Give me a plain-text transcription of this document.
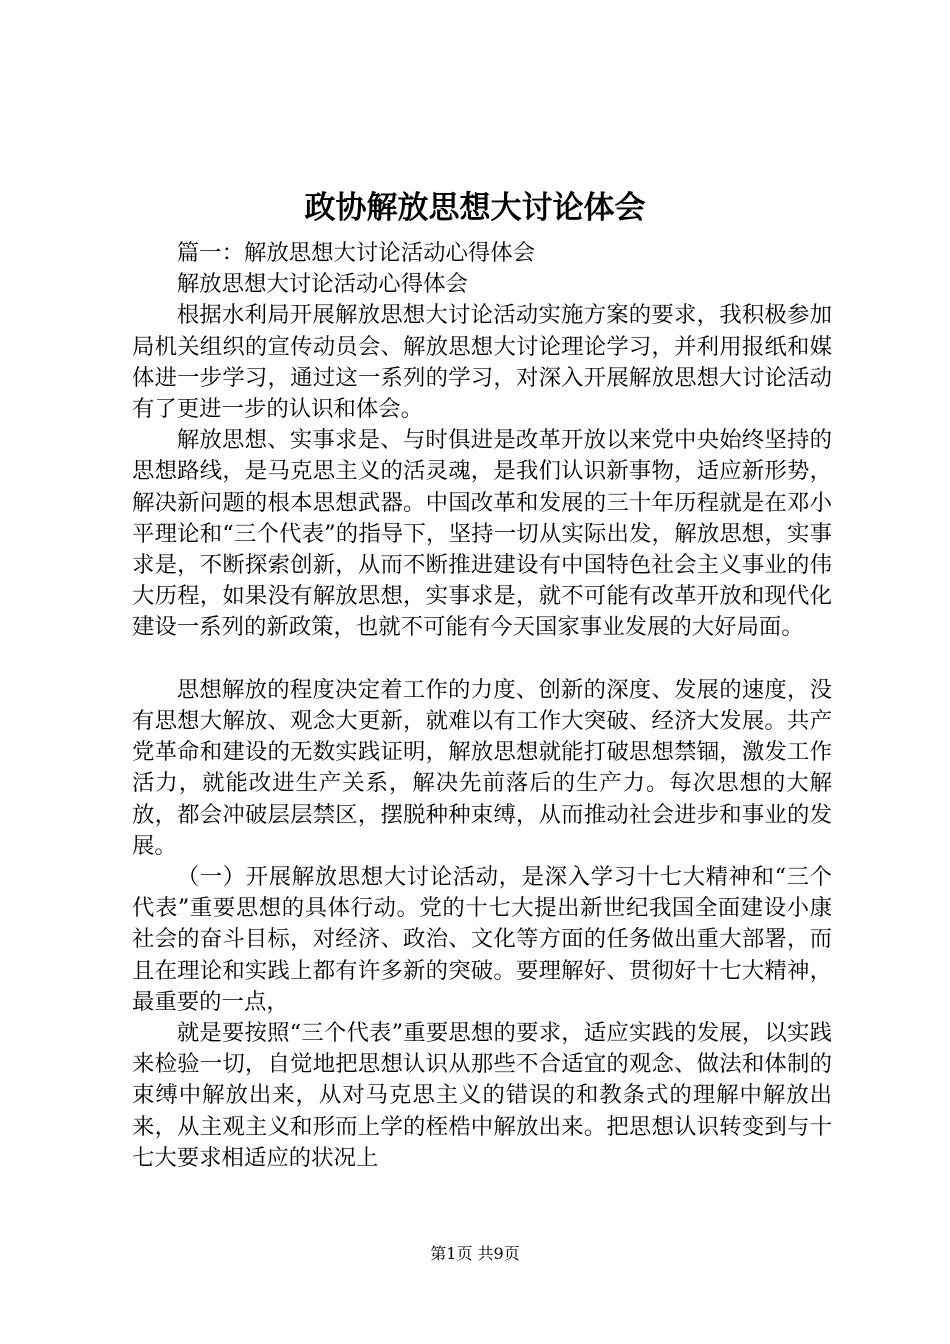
政协解放思想大讨论体会

篇一：解放思想大讨论活动心得体会

解放思想大讨论活动心得体会

根据水利局开展解放思想大讨论活动实施方案的要求，我积极参加局机关组织的宣传动员会、解放思想大讨论理论学习，并利用报纸和媒体进一步学习，通过这一系列的学习，对深入开展解放思想大讨论活动有了更进一步的认识和体会。

解放思想、实事求是、与时俱进是改革开放以来党中央始终坚持的思想路线，是马克思主义的活灵魂，是我们认识新事物，适应新形势，解决新问题的根本思想武器。中国改革和发展的三十年历程就是在邓小平理论和“三个代表”的指导下，坚持一切从实际出发，解放思想，实事求是，不断探索创新，从而不断推进建设有中国特色社会主义事业的伟大历程，如果没有解放思想，实事求是，就不可能有改革开放和现代化建设一系列的新政策，也就不可能有今天国家事业发展的大好局面。

思想解放的程度决定着工作的力度、创新的深度、发展的速度，没有思想大解放、观念大更新，就难以有工作大突破、经济大发展。共产党革命和建设的无数实践证明，解放思想就能打破思想禁锢，激发工作活力，就能改进生产关系，解决先前落后的生产力。每次思想的大解放，都会冲破层层禁区，摆脱种种束缚，从而推动社会进步和事业的发展。

（一）开展解放思想大讨论活动，是深入学习十七大精神和“三个代表”重要思想的具体行动。党的十七大提出新世纪我国全面建设小康社会的奋斗目标，对经济、政治、文化等方面的任务做出重大部署，而且在理论和实践上都有许多新的突破。要理解好、贯彻好十七大精神，最重要的一点，

就是要按照“三个代表”重要思想的要求，适应实践的发展，以实践来检验一切，自觉地把思想认识从那些不合适宜的观念、做法和体制的束缚中解放出来，从对马克思主义的错误的和教条式的理解中解放出来，从主观主义和形而上学的桎梏中解放出来。把思想认识转变到与十七大要求相适应的状况上

第1页 共9页
